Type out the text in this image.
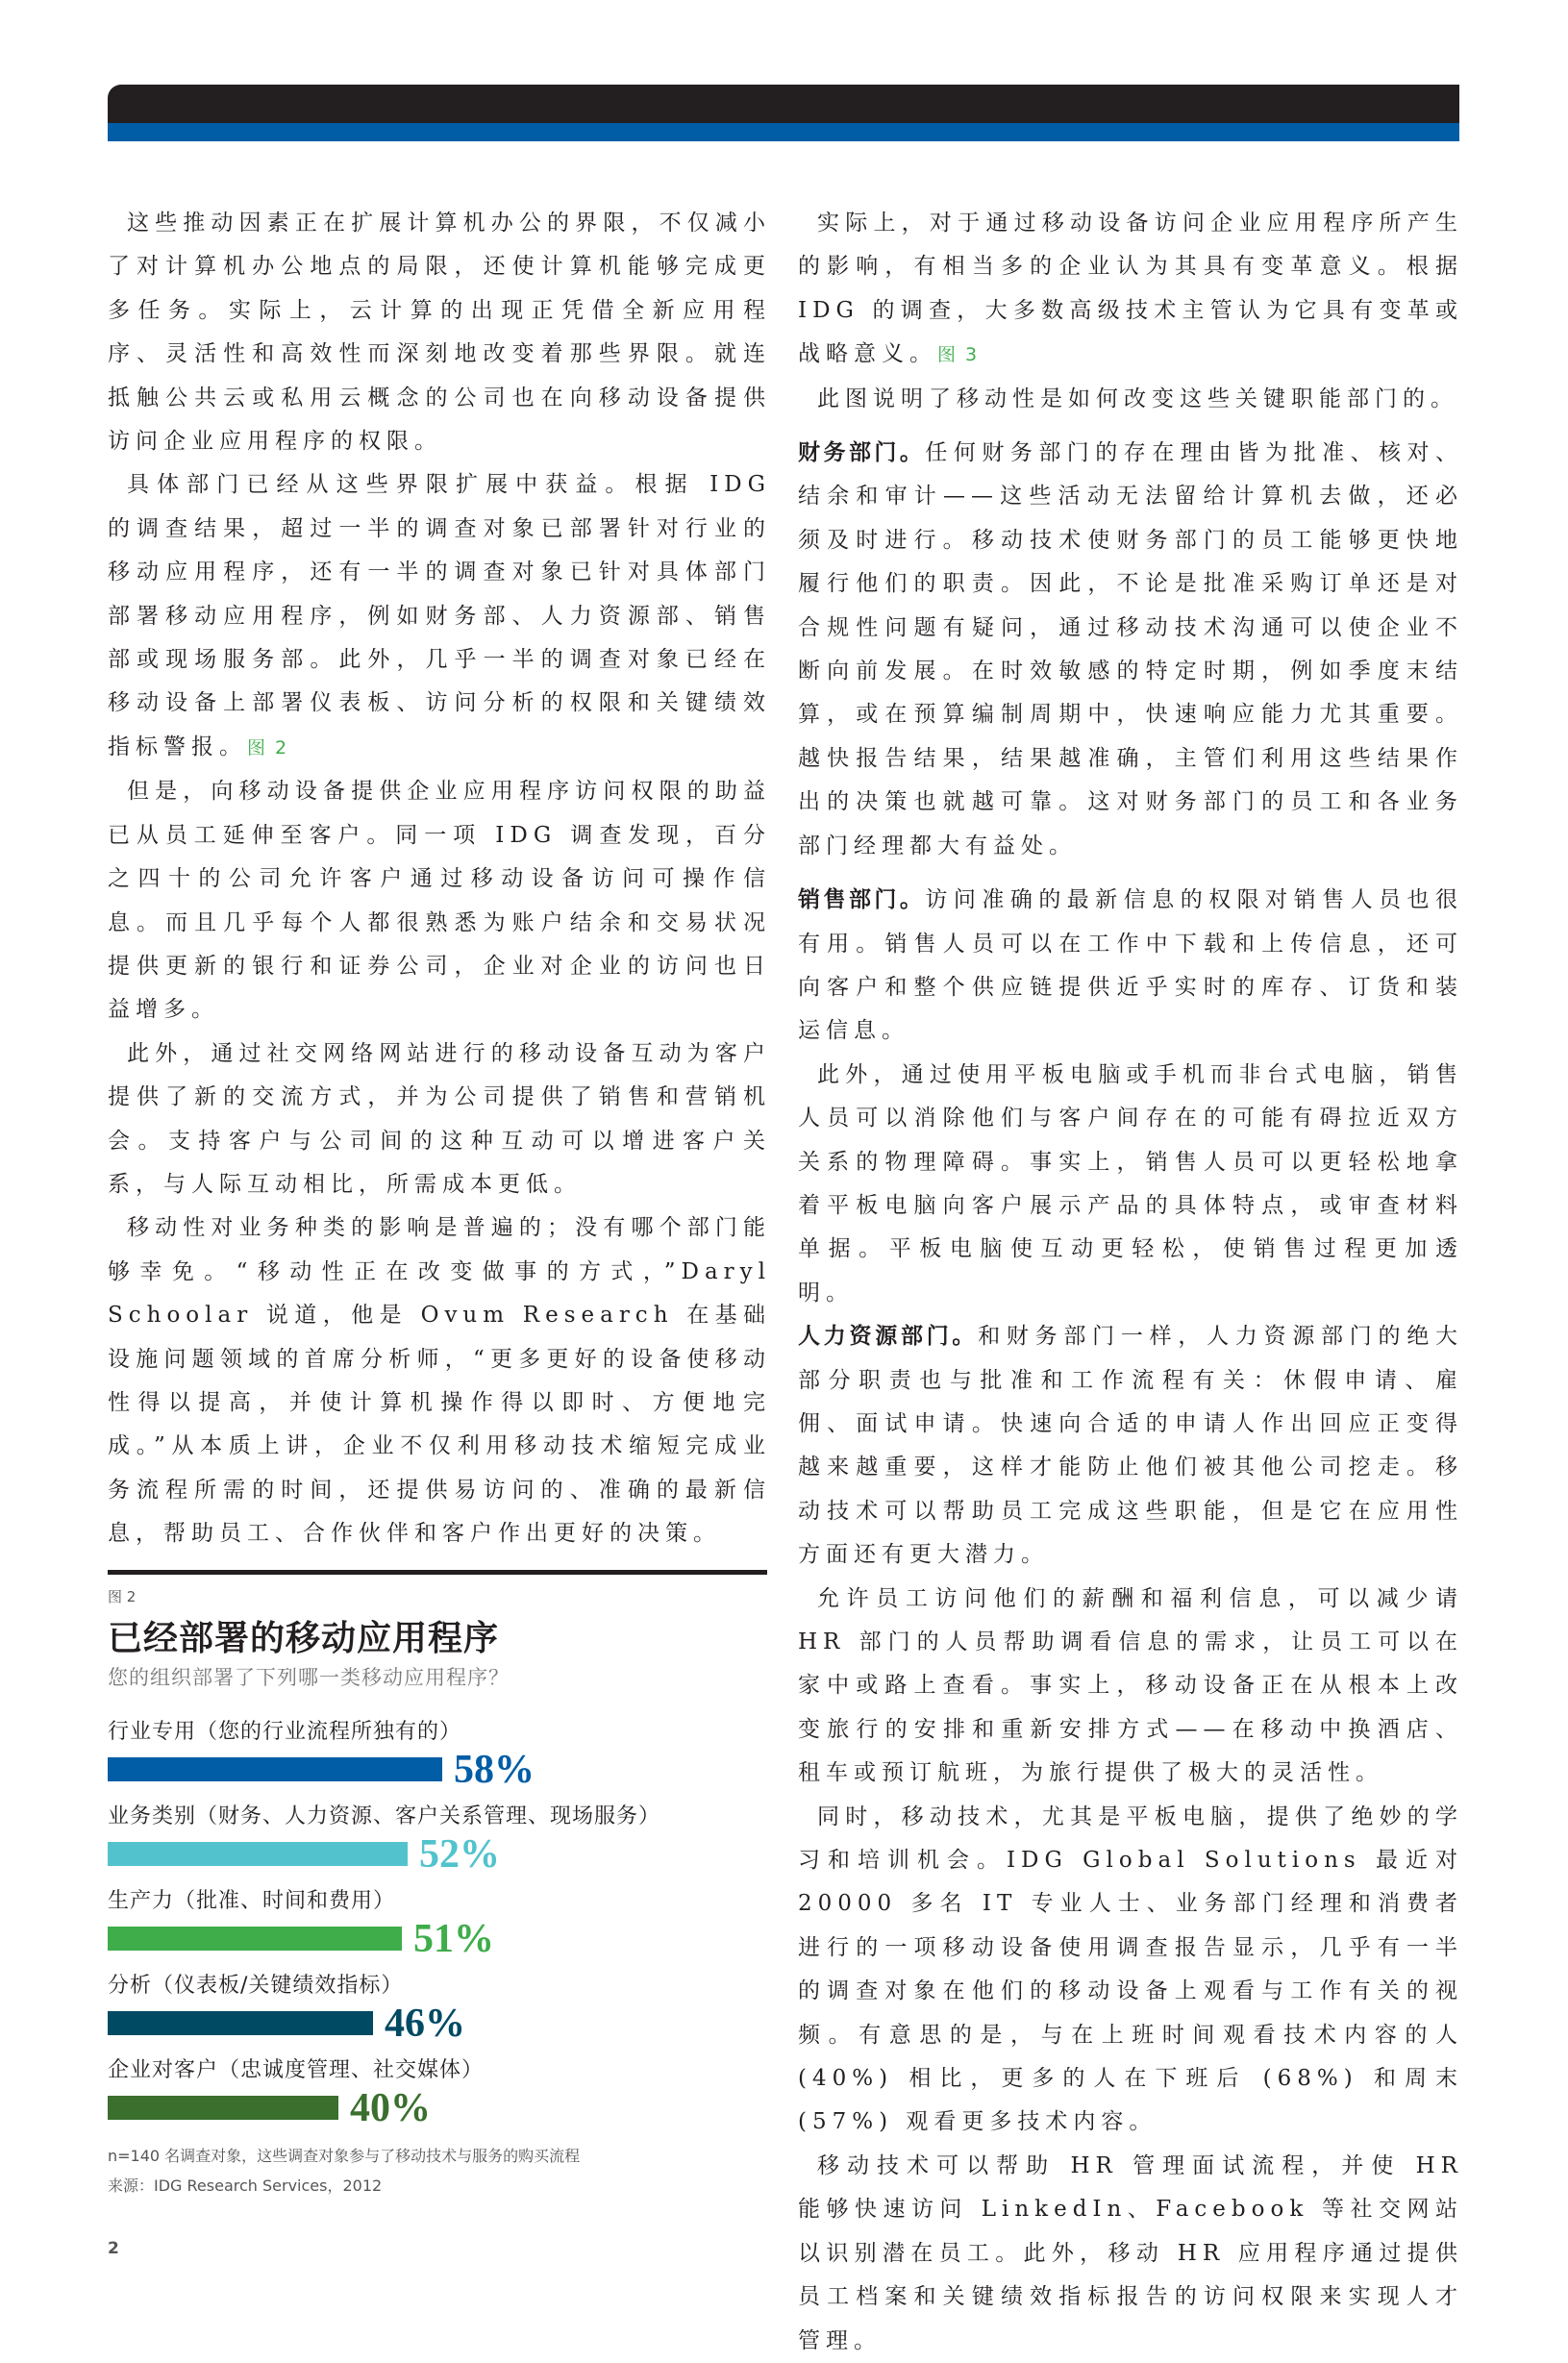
这些推动因素正在扩展计算机办公的界限，不仅减小了对计算机办公地点的局限，还使计算机能够完成更多任务。实际上，云计算的出现正凭借全新应用程序、灵活性和高效性而深刻地改变着那些界限。就连抵触公共云或私用云概念的公司也在向移动设备提供访问企业应用程序的权限。

具体部门已经从这些界限扩展中获益。根据 IDG 的调查结果，超过一半的调查对象已部署针对行业的移动应用程序，还有一半的调查对象已针对具体部门部署移动应用程序，例如财务部、人力资源部、销售部或现场服务部。此外，几乎一半的调查对象已经在移动设备上部署仪表板、访问分析的权限和关键绩效指标警报。图 2

但是，向移动设备提供企业应用程序访问权限的助益已从员工延伸至客户。同一项 IDG 调查发现，百分之四十的公司允许客户通过移动设备访问可操作信息。而且几乎每个人都很熟悉为账户结余和交易状况提供更新的银行和证券公司，企业对企业的访问也日益增多。

此外，通过社交网络网站进行的移动设备互动为客户提供了新的交流方式，并为公司提供了销售和营销机会。支持客户与公司间的这种互动可以增进客户关系，与人际互动相比，所需成本更低。

移动性对业务种类的影响是普遍的；没有哪个部门能够幸免。“移动性正在改变做事的方式，”Daryl Schoolar 说道，他是 Ovum Research 在基础设施问题领域的首席分析师，“更多更好的设备使移动性得以提高，并使计算机操作得以即时、方便地完成。”从本质上讲，企业不仅利用移动技术缩短完成业务流程所需的时间，还提供易访问的、准确的最新信息，帮助员工、合作伙伴和客户作出更好的决策。

图 2
已经部署的移动应用程序
您的组织部署了下列哪一类移动应用程序？
行业专用（您的行业流程所独有的）
58%
业务类别（财务、人力资源、客户关系管理、现场服务）
52%
生产力（批准、时间和费用）
51%
分析（仪表板/关键绩效指标）
46%
企业对客户（忠诚度管理、社交媒体）
40%
n=140 名调查对象，这些调查对象参与了移动技术与服务的购买流程
来源：IDG Research Services，2012
2

实际上，对于通过移动设备访问企业应用程序所产生的影响，有相当多的企业认为其具有变革意义。根据 IDG 的调查，大多数高级技术主管认为它具有变革或战略意义。图 3

此图说明了移动性是如何改变这些关键职能部门的。

财务部门。任何财务部门的存在理由皆为批准、核对、结余和审计——这些活动无法留给计算机去做，还必须及时进行。移动技术使财务部门的员工能够更快地履行他们的职责。因此，不论是批准采购订单还是对合规性问题有疑问，通过移动技术沟通可以使企业不断向前发展。在时效敏感的特定时期，例如季度末结算，或在预算编制周期中，快速响应能力尤其重要。越快报告结果，结果越准确，主管们利用这些结果作出的决策也就越可靠。这对财务部门的员工和各业务部门经理都大有益处。

销售部门。访问准确的最新信息的权限对销售人员也很有用。销售人员可以在工作中下载和上传信息，还可向客户和整个供应链提供近乎实时的库存、订货和装运信息。

此外，通过使用平板电脑或手机而非台式电脑，销售人员可以消除他们与客户间存在的可能有碍拉近双方关系的物理障碍。事实上，销售人员可以更轻松地拿着平板电脑向客户展示产品的具体特点，或审查材料单据。平板电脑使互动更轻松，使销售过程更加透明。

人力资源部门。和财务部门一样，人力资源部门的绝大部分职责也与批准和工作流程有关：休假申请、雇佣、面试申请。快速向合适的申请人作出回应正变得越来越重要，这样才能防止他们被其他公司挖走。移动技术可以帮助员工完成这些职能，但是它在应用性方面还有更大潜力。

允许员工访问他们的薪酬和福利信息，可以减少请 HR 部门的人员帮助调看信息的需求，让员工可以在家中或路上查看。事实上，移动设备正在从根本上改变旅行的安排和重新安排方式——在移动中换酒店、租车或预订航班，为旅行提供了极大的灵活性。

同时，移动技术，尤其是平板电脑，提供了绝妙的学习和培训机会。IDG Global Solutions 最近对 20000 多名 IT 专业人士、业务部门经理和消费者进行的一项移动设备使用调查报告显示，几乎有一半的调查对象在他们的移动设备上观看与工作有关的视频。有意思的是，与在上班时间观看技术内容的人 (40%) 相比，更多的人在下班后 (68%) 和周末 (57%) 观看更多技术内容。

移动技术可以帮助 HR 管理面试流程，并使 HR 能够快速访问 LinkedIn、Facebook 等社交网站以识别潜在员工。此外，移动 HR 应用程序通过提供员工档案和关键绩效指标报告的访问权限来实现人才管理。
